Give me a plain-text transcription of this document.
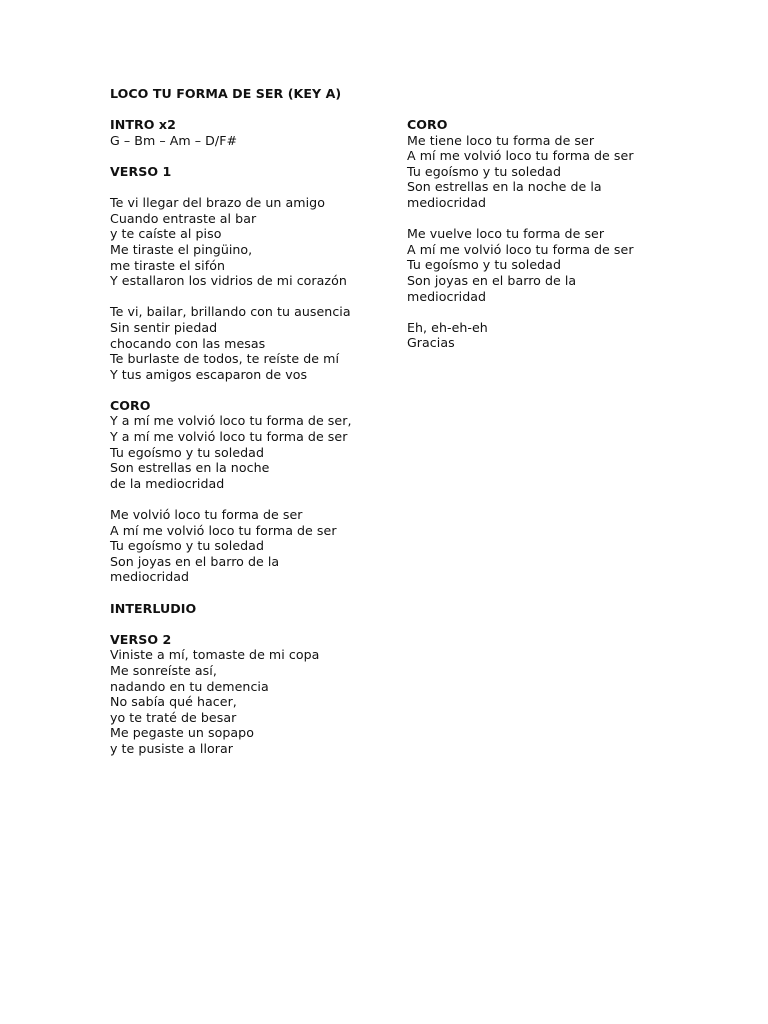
LOCO TU FORMA DE SER (KEY A)
INTRO x2
G – Bm – Am – D/F#
VERSO 1
Te vi llegar del brazo de un amigo
Cuando entraste al bar
y te caíste al piso
Me tiraste el pingüino,
me tiraste el sifón
Y estallaron los vidrios de mi corazón
Te vi, bailar, brillando con tu ausencia
Sin sentir piedad
chocando con las mesas
Te burlaste de todos, te reíste de mí
Y tus amigos escaparon de vos
CORO
Y a mí me volvió loco tu forma de ser,
Y a mí me volvió loco tu forma de ser
Tu egoísmo y tu soledad
Son estrellas en la noche
de la mediocridad
Me volvió loco tu forma de ser
A mí me volvió loco tu forma de ser
Tu egoísmo y tu soledad
Son joyas en el barro de la
mediocridad
INTERLUDIO
VERSO 2
Viniste a mí, tomaste de mi copa
Me sonreíste así,
nadando en tu demencia
No sabía qué hacer,
yo te traté de besar
Me pegaste un sopapo
y te pusiste a llorar
CORO
Me tiene loco tu forma de ser
A mí me volvió loco tu forma de ser
Tu egoísmo y tu soledad
Son estrellas en la noche de la
mediocridad
Me vuelve loco tu forma de ser
A mí me volvió loco tu forma de ser
Tu egoísmo y tu soledad
Son joyas en el barro de la
mediocridad
Eh, eh-eh-eh
Gracias
